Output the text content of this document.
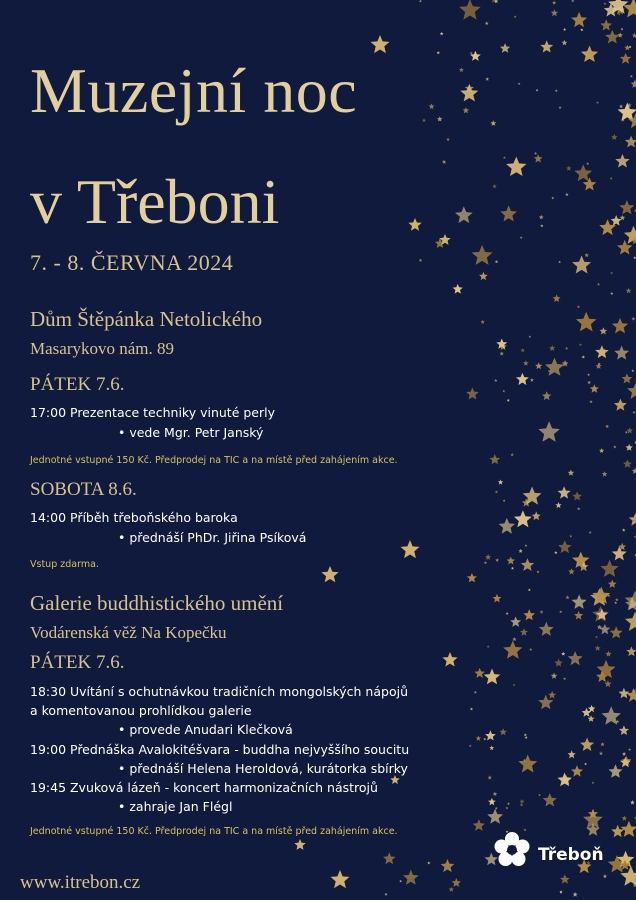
Muzejní noc
v Třeboni
7. - 8. ČERVNA 2024
Dům Štěpánka Netolického
Masarykovo nám. 89
PÁTEK 7.6.
17:00 Prezentace techniky vinuté perly
• vede Mgr. Petr Janský
Jednotné vstupné 150 Kč. Předprodej na TIC a na místě před zahájením akce.
SOBOTA 8.6.
14:00 Příběh třeboňského baroka
• přednáší PhDr. Jiřina Psíková
Vstup zdarma.
Galerie buddhistického umění
Vodárenská věž Na Kopečku
PÁTEK 7.6.
18:30 Uvítání s ochutnávkou tradičních mongolských nápojů
a komentovanou prohlídkou galerie
• provede Anudari Klečková
19:00 Přednáška Avalokitéšvara - buddha nejvyššího soucitu
• přednáší Helena Heroldová, kurátorka sbírky
19:45 Zvuková lázeň - koncert harmonizačních nástrojů
• zahraje Jan Flégl
Jednotné vstupné 150 Kč. Předprodej na TIC a na místě před zahájením akce.
www.itrebon.cz
Třeboň
